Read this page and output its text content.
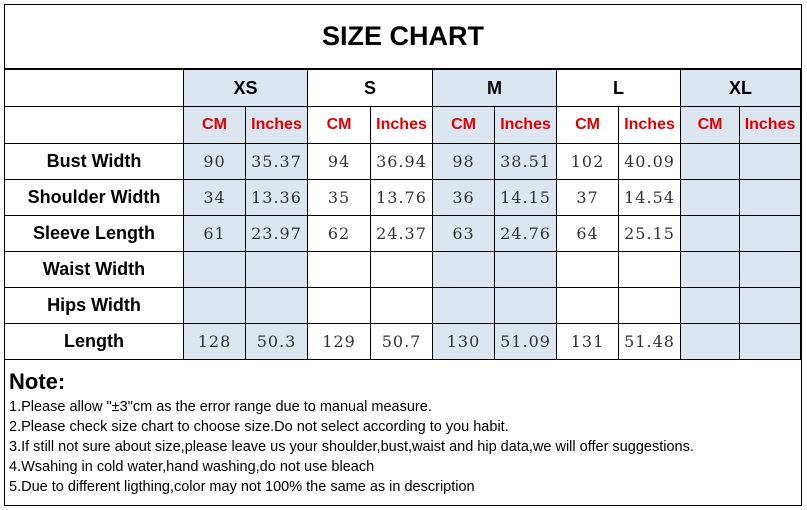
SIZE CHART
	XS		S		M		L		XL	
	CM	Inches	CM	Inches	CM	Inches	CM	Inches	CM	Inches
Bust Width	90	35.37	94	36.94	98	38.51	102	40.09		
Shoulder Width	34	13.36	35	13.76	36	14.15	37	14.54		
Sleeve Length	61	23.97	62	24.37	63	24.76	64	25.15		
Waist Width										
Hips Width										
Length	128	50.3	129	50.7	130	51.09	131	51.48		
Note:
1.Please allow "±3"cm as the error range due to manual measure.
2.Please check size chart to choose size.Do not select according to you habit.
3.If still not sure about size,please leave us your shoulder,bust,waist and hip data,we will offer suggestions.
4.Wsahing in cold water,hand washing,do not use bleach
5.Due to different ligthing,color may not 100% the same as in description
